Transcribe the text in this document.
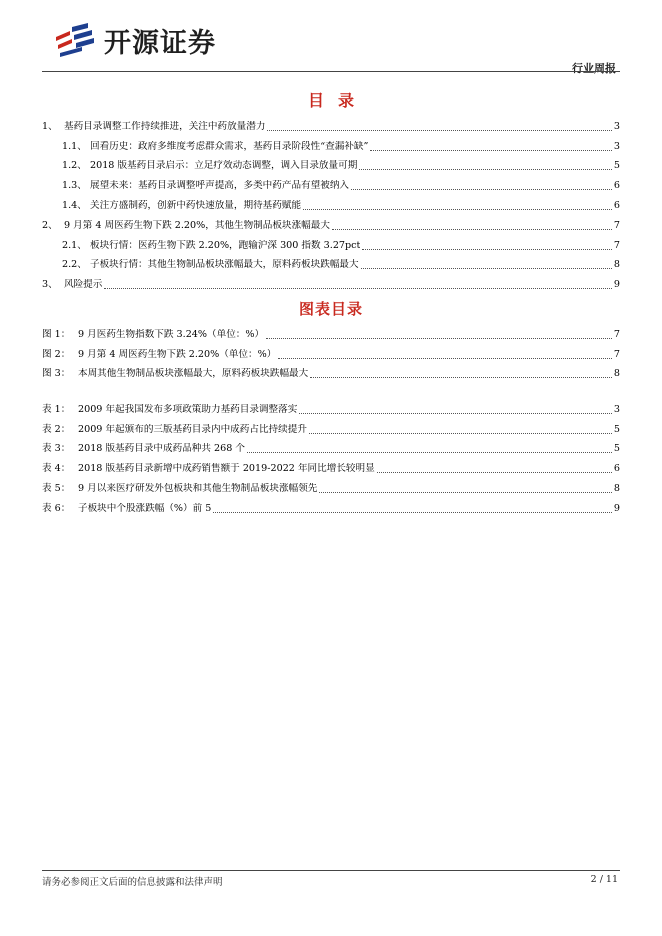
开源证券
行业周报
目录
1、 基药目录调整工作持续推进，关注中药放量潜力	3
1.1、 回看历史：政府多维度考虑群众需求，基药目录阶段性“查漏补缺”	3
1.2、 2018 版基药目录启示：立足疗效动态调整，调入目录放量可期	5
1.3、 展望未来：基药目录调整呼声提高，多类中药产品有望被纳入	6
1.4、 关注方盛制药，创新中药快速放量，期待基药赋能	6
2、 9 月第 4 周医药生物下跌 2.20%，其他生物制品板块涨幅最大	7
2.1、 板块行情：医药生物下跌 2.20%，跑输沪深 300 指数 3.27pct	7
2.2、 子板块行情：其他生物制品板块涨幅最大，原料药板块跌幅最大	8
3、 风险提示	9
图表目录
图 1： 9 月医药生物指数下跌 3.24%（单位：%）	7
图 2： 9 月第 4 周医药生物下跌 2.20%（单位：%）	7
图 3： 本周其他生物制品板块涨幅最大，原料药板块跌幅最大	8
表 1： 2009 年起我国发布多项政策助力基药目录调整落实	3
表 2： 2009 年起颁布的三版基药目录内中成药占比持续提升	5
表 3： 2018 版基药目录中成药品种共 268 个	5
表 4： 2018 版基药目录新增中成药销售额于 2019-2022 年同比增长较明显	6
表 5： 9 月以来医疗研发外包板块和其他生物制品板块涨幅领先	8
表 6： 子板块中个股涨跌幅（%）前 5	9
请务必参阅正文后面的信息披露和法律声明	2 / 11
